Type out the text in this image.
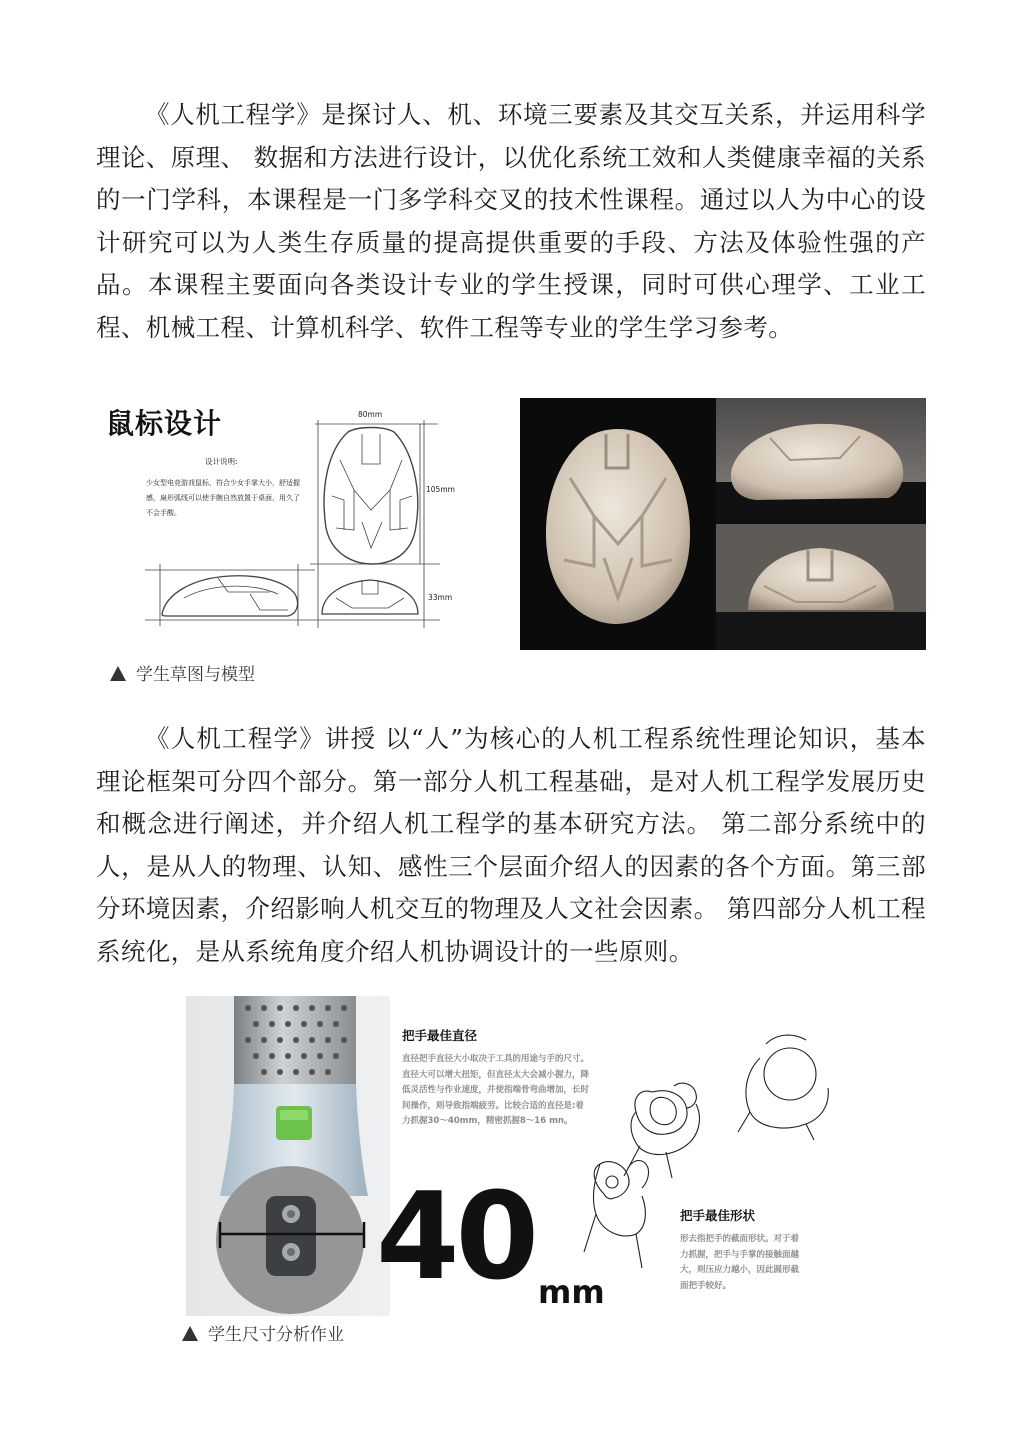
《人机工程学》是探讨人、机、环境三要素及其交互关系，并运用科学理论、原理、 数据和方法进行设计，以优化系统工效和人类健康幸福的关系的一门学科，本课程是一门多学科交叉的技术性课程。通过以人为中心的设计研究可以为人类生存质量的提高提供重要的手段、方法及体验性强的产品。本课程主要面向各类设计专业的学生授课，同时可供心理学、工业工程、机械工程、计算机科学、软件工程等专业的学生学习参考。

鼠标设计
设计说明:
少女型电竞游戏鼠标，符合少女手掌大小，舒适握感，扁形弧线可以使手腕自然放置于桌面，用久了不会手酸。
80mm
105mm
33mm
学生草图与模型

《人机工程学》讲授 以“人”为核心的人机工程系统性理论知识，基本理论框架可分四个部分。第一部分人机工程基础，是对人机工程学发展历史和概念进行阐述，并介绍人机工程学的基本研究方法。 第二部分系统中的人，是从人的物理、认知、感性三个层面介绍人的因素的各个方面。第三部分环境因素，介绍影响人机交互的物理及人文社会因素。 第四部分人机工程系统化，是从系统角度介绍人机协调设计的一些原则。

把手最佳直径
直径把手直径大小取决于工具的用途与手的尺寸。直径大可以增大扭矩，但直径太大会减小握力，降低灵活性与作业速度，并使指端骨弯曲增加，长时间操作，则导致指端疲劳。比较合适的直径是:着力抓握30～40mm，精密抓握8～16 mn。
40 mm
把手最佳形状
形去指把手的截面形状。对于着力抓握，把手与手掌的接触面越大，则压应力越小，因此圆形截面把手较好。
学生尺寸分析作业
